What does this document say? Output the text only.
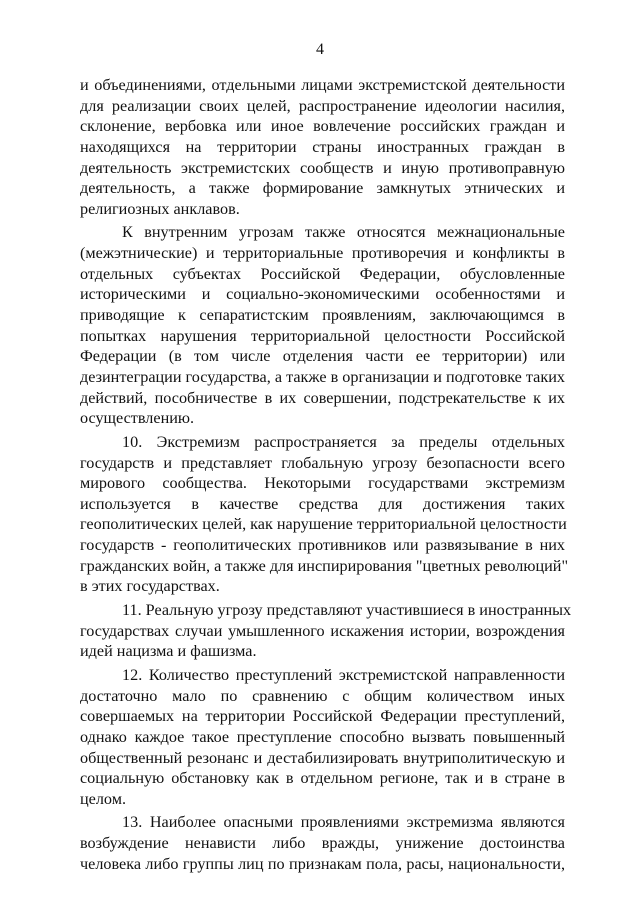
4
и объединениями, отдельными лицами экстремистской деятельности
для реализации своих целей, распространение идеологии насилия,
склонение, вербовка или иное вовлечение российских граждан и
находящихся на территории страны иностранных граждан в
деятельность экстремистских сообществ и иную противоправную
деятельность, а также формирование замкнутых этнических и
религиозных анклавов.
К внутренним угрозам также относятся межнациональные
(межэтнические) и территориальные противоречия и конфликты в
отдельных субъектах Российской Федерации, обусловленные
историческими и социально-экономическими особенностями и
приводящие к сепаратистским проявлениям, заключающимся в
попытках нарушения территориальной целостности Российской
Федерации (в том числе отделения части ее территории) или
дезинтеграции государства, а также в организации и подготовке таких
действий, пособничестве в их совершении, подстрекательстве к их
осуществлению.
10. Экстремизм распространяется за пределы отдельных
государств и представляет глобальную угрозу безопасности всего
мирового сообщества. Некоторыми государствами экстремизм
используется в качестве средства для достижения таких
геополитических целей, как нарушение территориальной целостности
государств - геополитических противников или развязывание в них
гражданских войн, а также для инспирирования "цветных революций"
в этих государствах.
11. Реальную угрозу представляют участившиеся в иностранных
государствах случаи умышленного искажения истории, возрождения
идей нацизма и фашизма.
12. Количество преступлений экстремистской направленности
достаточно мало по сравнению с общим количеством иных
совершаемых на территории Российской Федерации преступлений,
однако каждое такое преступление способно вызвать повышенный
общественный резонанс и дестабилизировать внутриполитическую и
социальную обстановку как в отдельном регионе, так и в стране в
целом.
13. Наиболее опасными проявлениями экстремизма являются
возбуждение ненависти либо вражды, унижение достоинства
человека либо группы лиц по признакам пола, расы, национальности,
